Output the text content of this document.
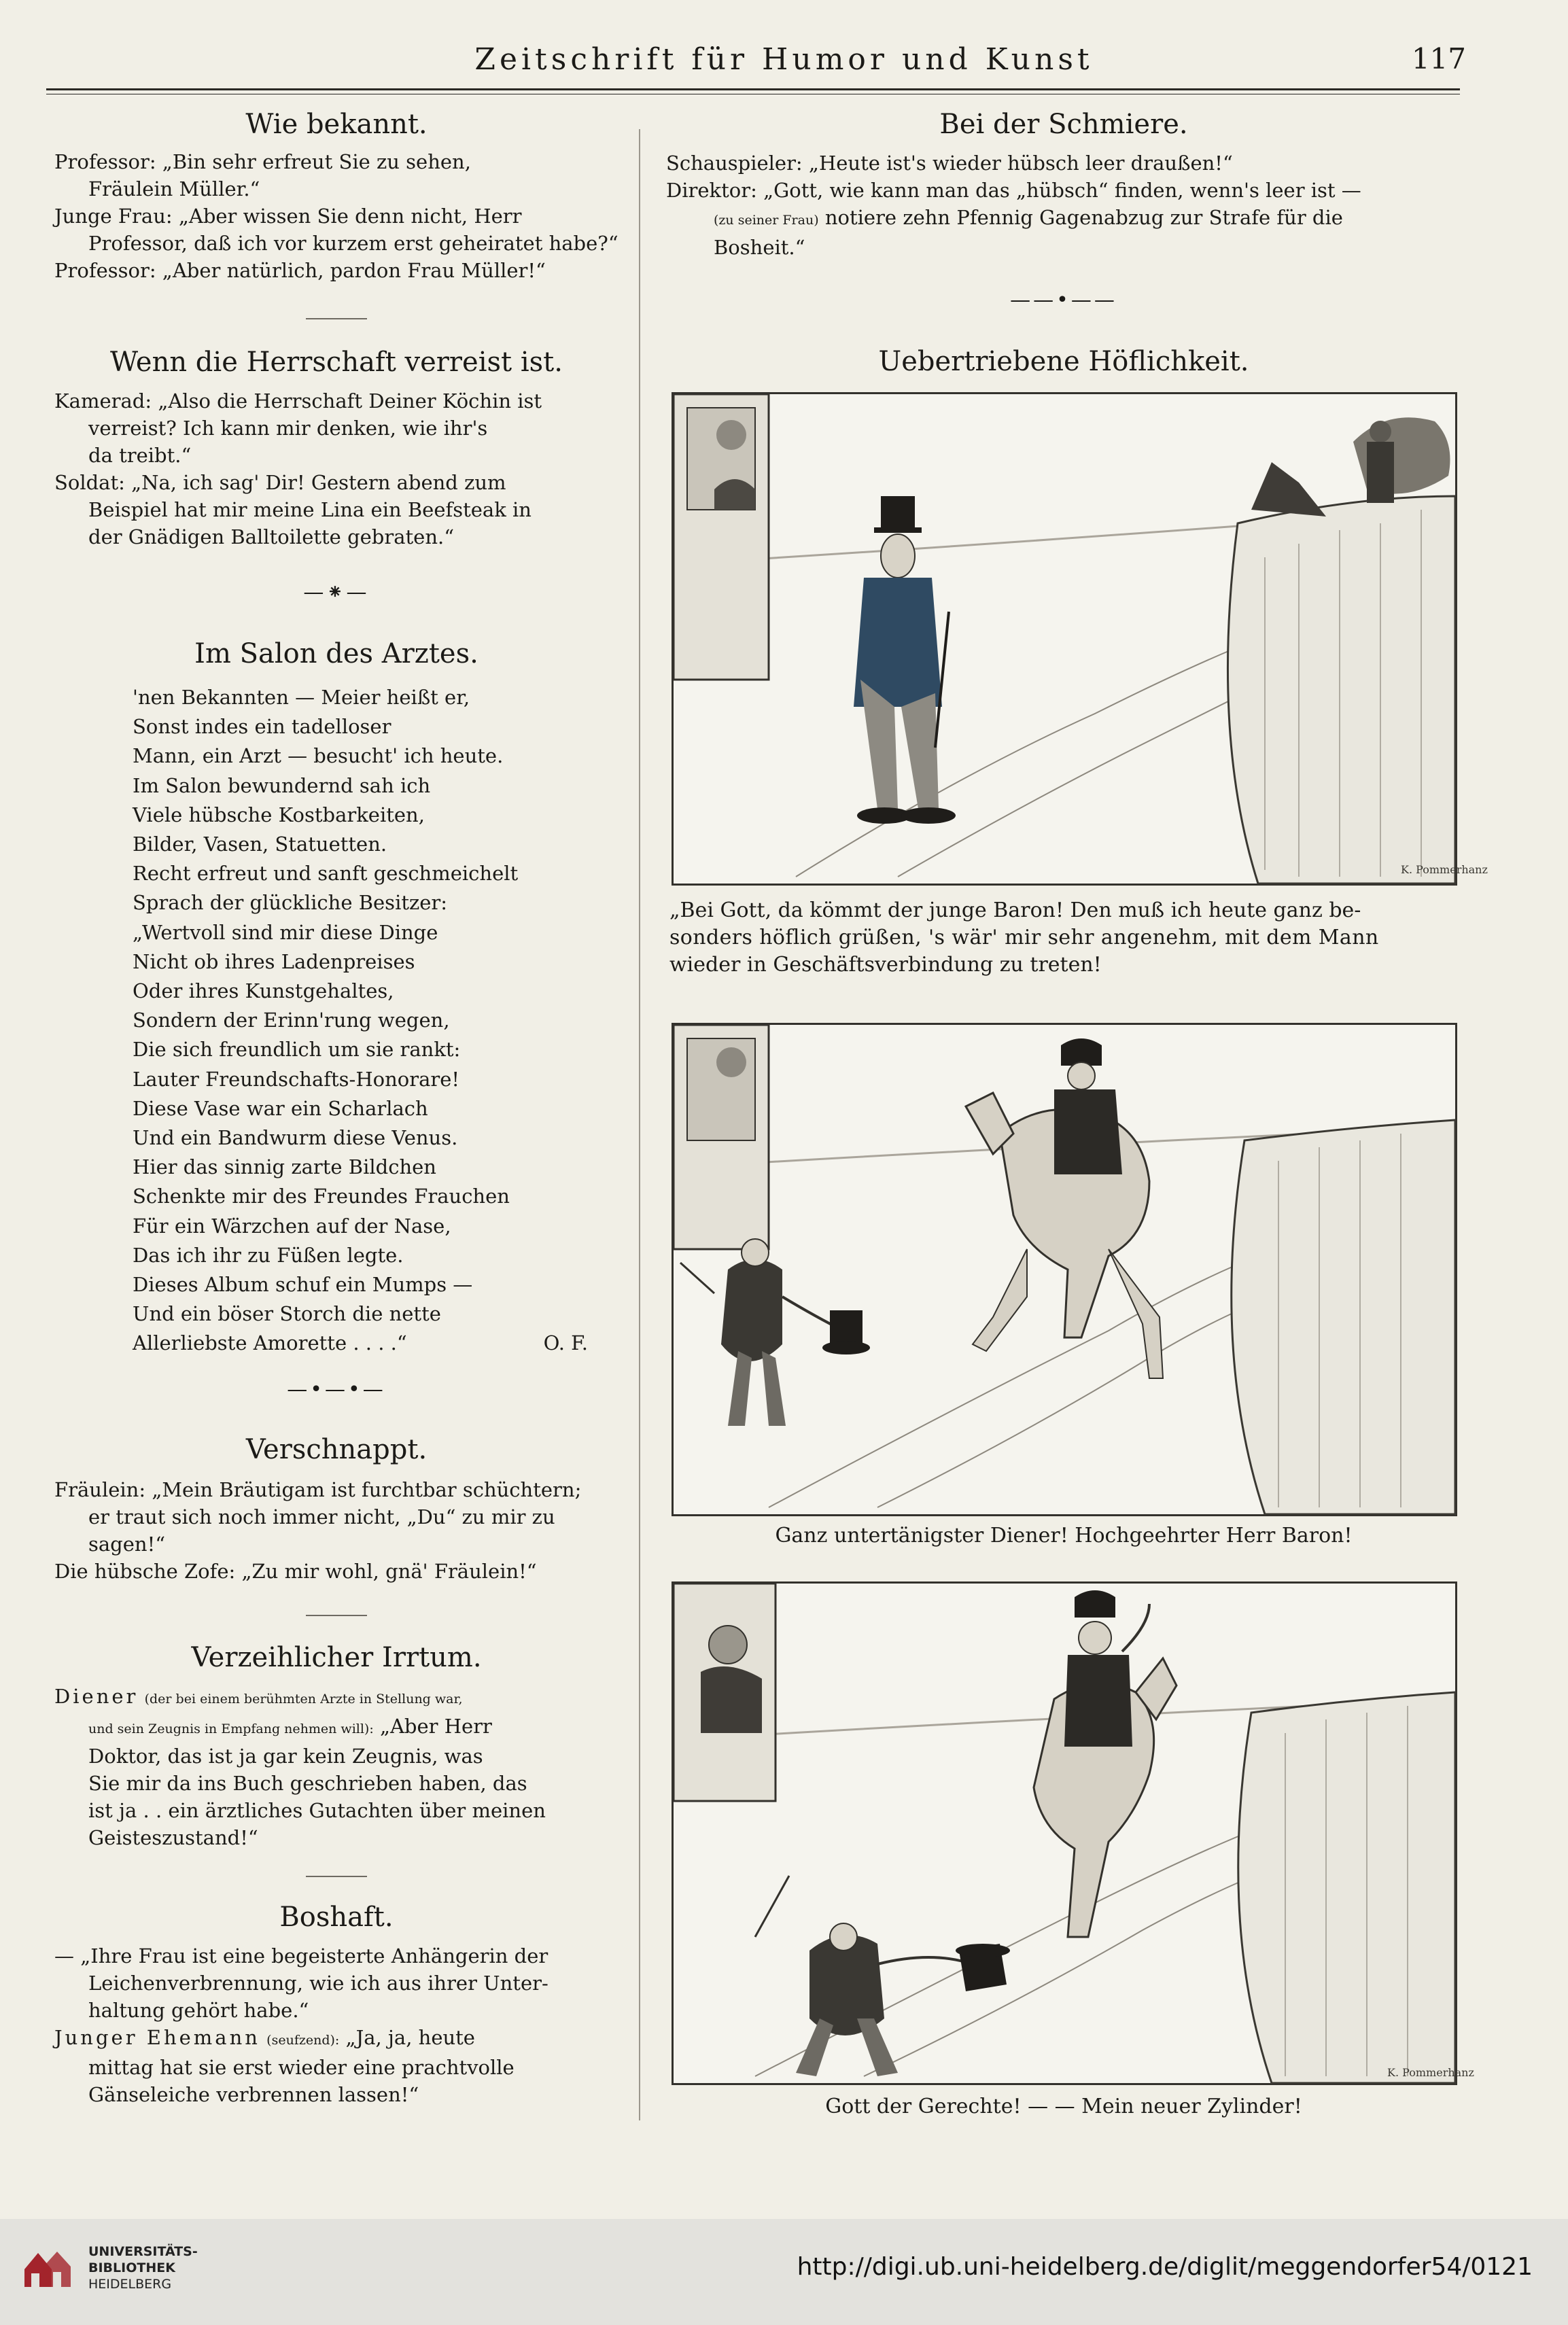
Zeitschrift für Humor und Kunst	117
Wie bekannt.
Professor: „Bin sehr erfreut Sie zu sehen,
Fräulein Müller.“
Junge Frau: „Aber wissen Sie denn nicht, Herr
Professor, daß ich vor kurzem erst geheiratet habe?“
Professor: „Aber natürlich, pardon Frau Müller!“
Wenn die Herrschaft verreist ist.
Kamerad: „Also die Herrschaft Deiner Köchin ist
verreist? Ich kann mir denken, wie ihr's
da treibt.“
Soldat: „Na, ich sag' Dir! Gestern abend zum
Beispiel hat mir meine Lina ein Beefsteak in
der Gnädigen Balltoilette gebraten.“
—⁕—
Im Salon des Arztes.
'nen Bekannten — Meier heißt er,
Sonst indes ein tadelloser
Mann, ein Arzt — besucht' ich heute.
Im Salon bewundernd sah ich
Viele hübsche Kostbarkeiten,
Bilder, Vasen, Statuetten.
Recht erfreut und sanft geschmeichelt
Sprach der glückliche Besitzer:
„Wertvoll sind mir diese Dinge
Nicht ob ihres Ladenpreises
Oder ihres Kunstgehaltes,
Sondern der Erinn'rung wegen,
Die sich freundlich um sie rankt:
Lauter Freundschafts-Honorare!
Diese Vase war ein Scharlach
Und ein Bandwurm diese Venus.
Hier das sinnig zarte Bildchen
Schenkte mir des Freundes Frauchen
Für ein Wärzchen auf der Nase,
Das ich ihr zu Füßen legte.
Dieses Album schuf ein Mumps —
Und ein böser Storch die nette
Allerliebste Amorette . . . .“	O. F.
—•—•—
Verschnappt.
Fräulein: „Mein Bräutigam ist furchtbar schüchtern;
er traut sich noch immer nicht, „Du“ zu mir zu
sagen!“
Die hübsche Zofe: „Zu mir wohl, gnä' Fräulein!“
Verzeihlicher Irrtum.
Diener (der bei einem berühmten Arzte in Stellung war,
und sein Zeugnis in Empfang nehmen will): „Aber Herr
Doktor, das ist ja gar kein Zeugnis, was
Sie mir da ins Buch geschrieben haben, das
ist ja . . ein ärztliches Gutachten über meinen
Geisteszustand!“
Boshaft.
— „Ihre Frau ist eine begeisterte Anhängerin der
Leichenverbrennung, wie ich aus ihrer Unter-
haltung gehört habe.“
Junger Ehemann (seufzend): „Ja, ja, heute
mittag hat sie erst wieder eine prachtvolle
Gänseleiche verbrennen lassen!“
Bei der Schmiere.
Schauspieler: „Heute ist's wieder hübsch leer draußen!“
Direktor: „Gott, wie kann man das „hübsch“ finden, wenn's leer ist —
(zu seiner Frau) notiere zehn Pfennig Gagenabzug zur Strafe für die
Bosheit.“
——•——
Uebertriebene Höflichkeit.
K. Pommerhanz
„Bei Gott, da kömmt der junge Baron! Den muß ich heute ganz be-
sonders höflich grüßen, 's wär' mir sehr angenehm, mit dem Mann
wieder in Geschäftsverbindung zu treten!
Ganz untertänigster Diener! Hochgeehrter Herr Baron!
K. Pommerhanz
Gott der Gerechte! — — Mein neuer Zylinder!
UNIVERSITÄTS-
BIBLIOTHEK
HEIDELBERG
http://digi.ub.uni-heidelberg.de/diglit/meggendorfer54/0121
